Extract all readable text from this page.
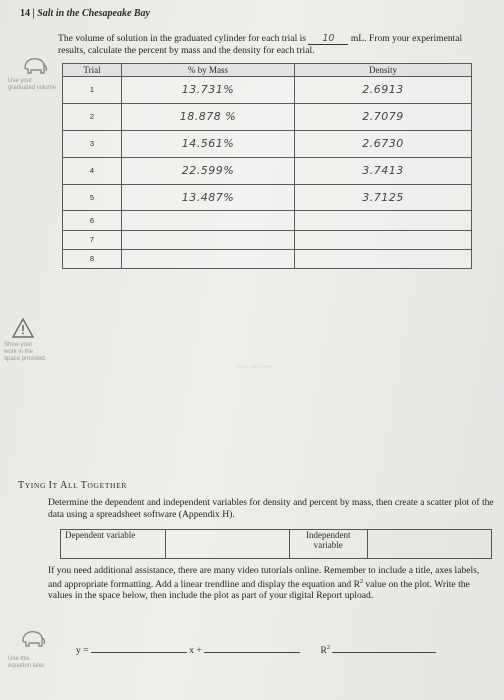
14 | Salt in the Chesapeake Bay
Use your
graduated volume
The volume of solution in the graduated cylinder for each trial is 10 mL. From your experimental results, calculate the percent by mass and the density for each trial.
Trial	% by Mass	Density
1	13.731%	2.6913
2	18.878 %	2.7079
3	14.561%	2.6730
4	22.599%	3.7413
5	13.487%	3.7125
6		
7		
8		
Show your
work in the
space provided.
Show work here
TYING IT ALL TOGETHER
Determine the dependent and independent variables for density and percent by mass, then create a scatter plot of the data using a spreadsheet software (Appendix H).
Dependent variable		Independent variable	
If you need additional assistance, there are many video tutorials online. Remember to include a title, axes labels, and appropriate formatting. Add a linear trendline and display the equation and $R^2$ value on the plot. Write the values in the space below, then include the plot as part of your digital Report upload.
Use this
equation later.
y =	x +	$R^2$
